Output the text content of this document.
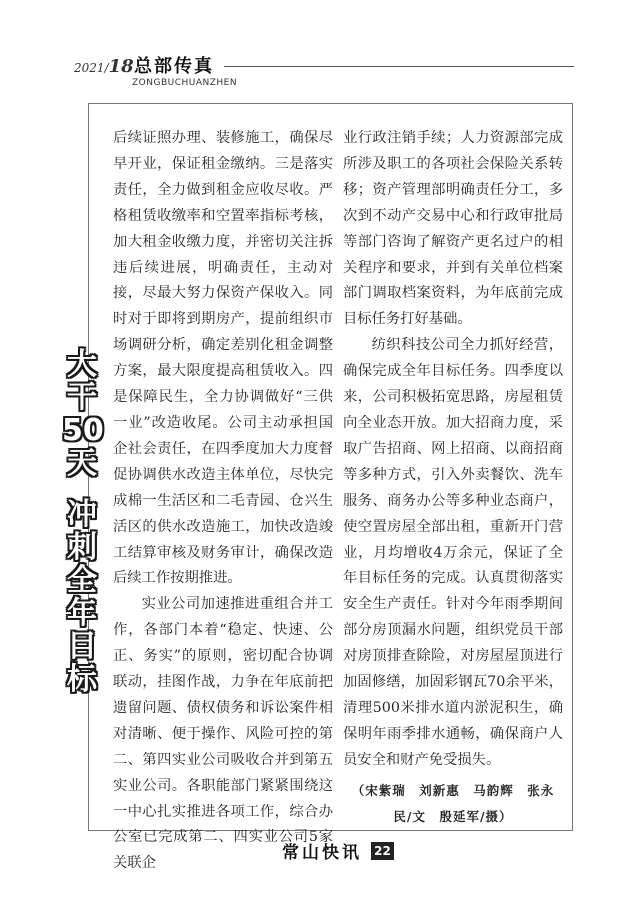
2021/18 总部传真
ZONGBUCHUANZHEN
大干50天
冲刺全年目标

后续证照办理、装修施工，确保尽早开业，保证租金缴纳。三是落实责任，全力做到租金应收尽收。严格租赁收缴率和空置率指标考核，加大租金收缴力度，并密切关注拆违后续进展，明确责任，主动对接，尽最大努力保资产保收入。同时对于即将到期房产，提前组织市场调研分析，确定差别化租金调整方案，最大限度提高租赁收入。四是保障民生，全力协调做好“三供一业”改造收尾。公司主动承担国企社会责任，在四季度加大力度督促协调供水改造主体单位，尽快完成棉一生活区和二毛青园、仓兴生活区的供水改造施工，加快改造竣工结算审核及财务审计，确保改造后续工作按期推进。

实业公司加速推进重组合并工作，各部门本着“稳定、快速、公正、务实”的原则，密切配合协调联动，挂图作战，力争在年底前把遗留问题、债权债务和诉讼案件相对清晰、便于操作、风险可控的第二、第四实业公司吸收合并到第五实业公司。各职能部门紧紧围绕这一中心扎实推进各项工作，综合办公室已完成第二、四实业公司5家关联企

业行政注销手续；人力资源部完成所涉及职工的各项社会保险关系转移；资产管理部明确责任分工，多次到不动产交易中心和行政审批局等部门咨询了解资产更名过户的相关程序和要求，并到有关单位档案部门调取档案资料，为年底前完成目标任务打好基础。

纺织科技公司全力抓好经营，确保完成全年目标任务。四季度以来，公司积极拓宽思路，房屋租赁向全业态开放。加大招商力度，采取广告招商、网上招商、以商招商等多种方式，引入外卖餐饮、洗车服务、商务办公等多种业态商户，使空置房屋全部出租，重新开门营业，月均增收4万余元，保证了全年目标任务的完成。认真贯彻落实安全生产责任。针对今年雨季期间部分房顶漏水问题，组织党员干部对房顶排查除险，对房屋屋顶进行加固修缮，加固彩钢瓦70余平米，清理500米排水道内淤泥积生，确保明年雨季排水通畅，确保商户人员安全和财产免受损失。

（宋紫瑞　刘新惠　马韵辉　张永民/文　殷延军/摄）

常山快讯 22
